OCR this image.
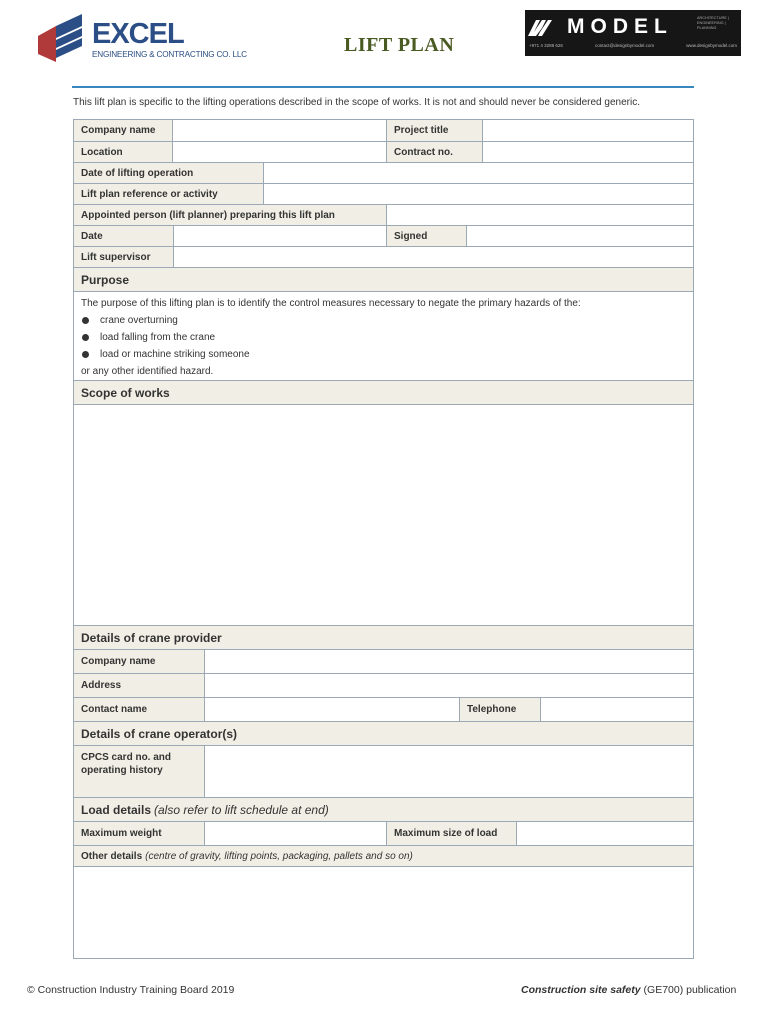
EXCEL
ENGINEERING & CONTRACTING CO. LLC	LIFT PLAN
MODEL	ARCHITECTURE | ENGINEERING | PLANNING
+971 4 3288 626	contact@designbymodel.com	www.designbymodel.com
This lift plan is specific to the lifting operations described in the scope of works. It is not and should never be considered generic.
Company name	Project title
Location	Contract no.
Date of lifting operation
Lift plan reference or activity
Appointed person (lift planner) preparing this lift plan
Date	Signed
Lift supervisor
Purpose

The purpose of this lifting plan is to identify the control measures necessary to negate the primary hazards of the:

crane overturning
load falling from the crane
load or machine striking someone

or any other identified hazard.

Scope of works
Details of crane provider
Company name
Address
Contact name	Telephone
Details of crane operator(s)
CPCS card no. and operating history
Load details (also refer to lift schedule at end)
Maximum weight	Maximum size of load
Other details (centre of gravity, lifting points, packaging, pallets and so on)
© Construction Industry Training Board 2019	Construction site safety (GE700) publication
